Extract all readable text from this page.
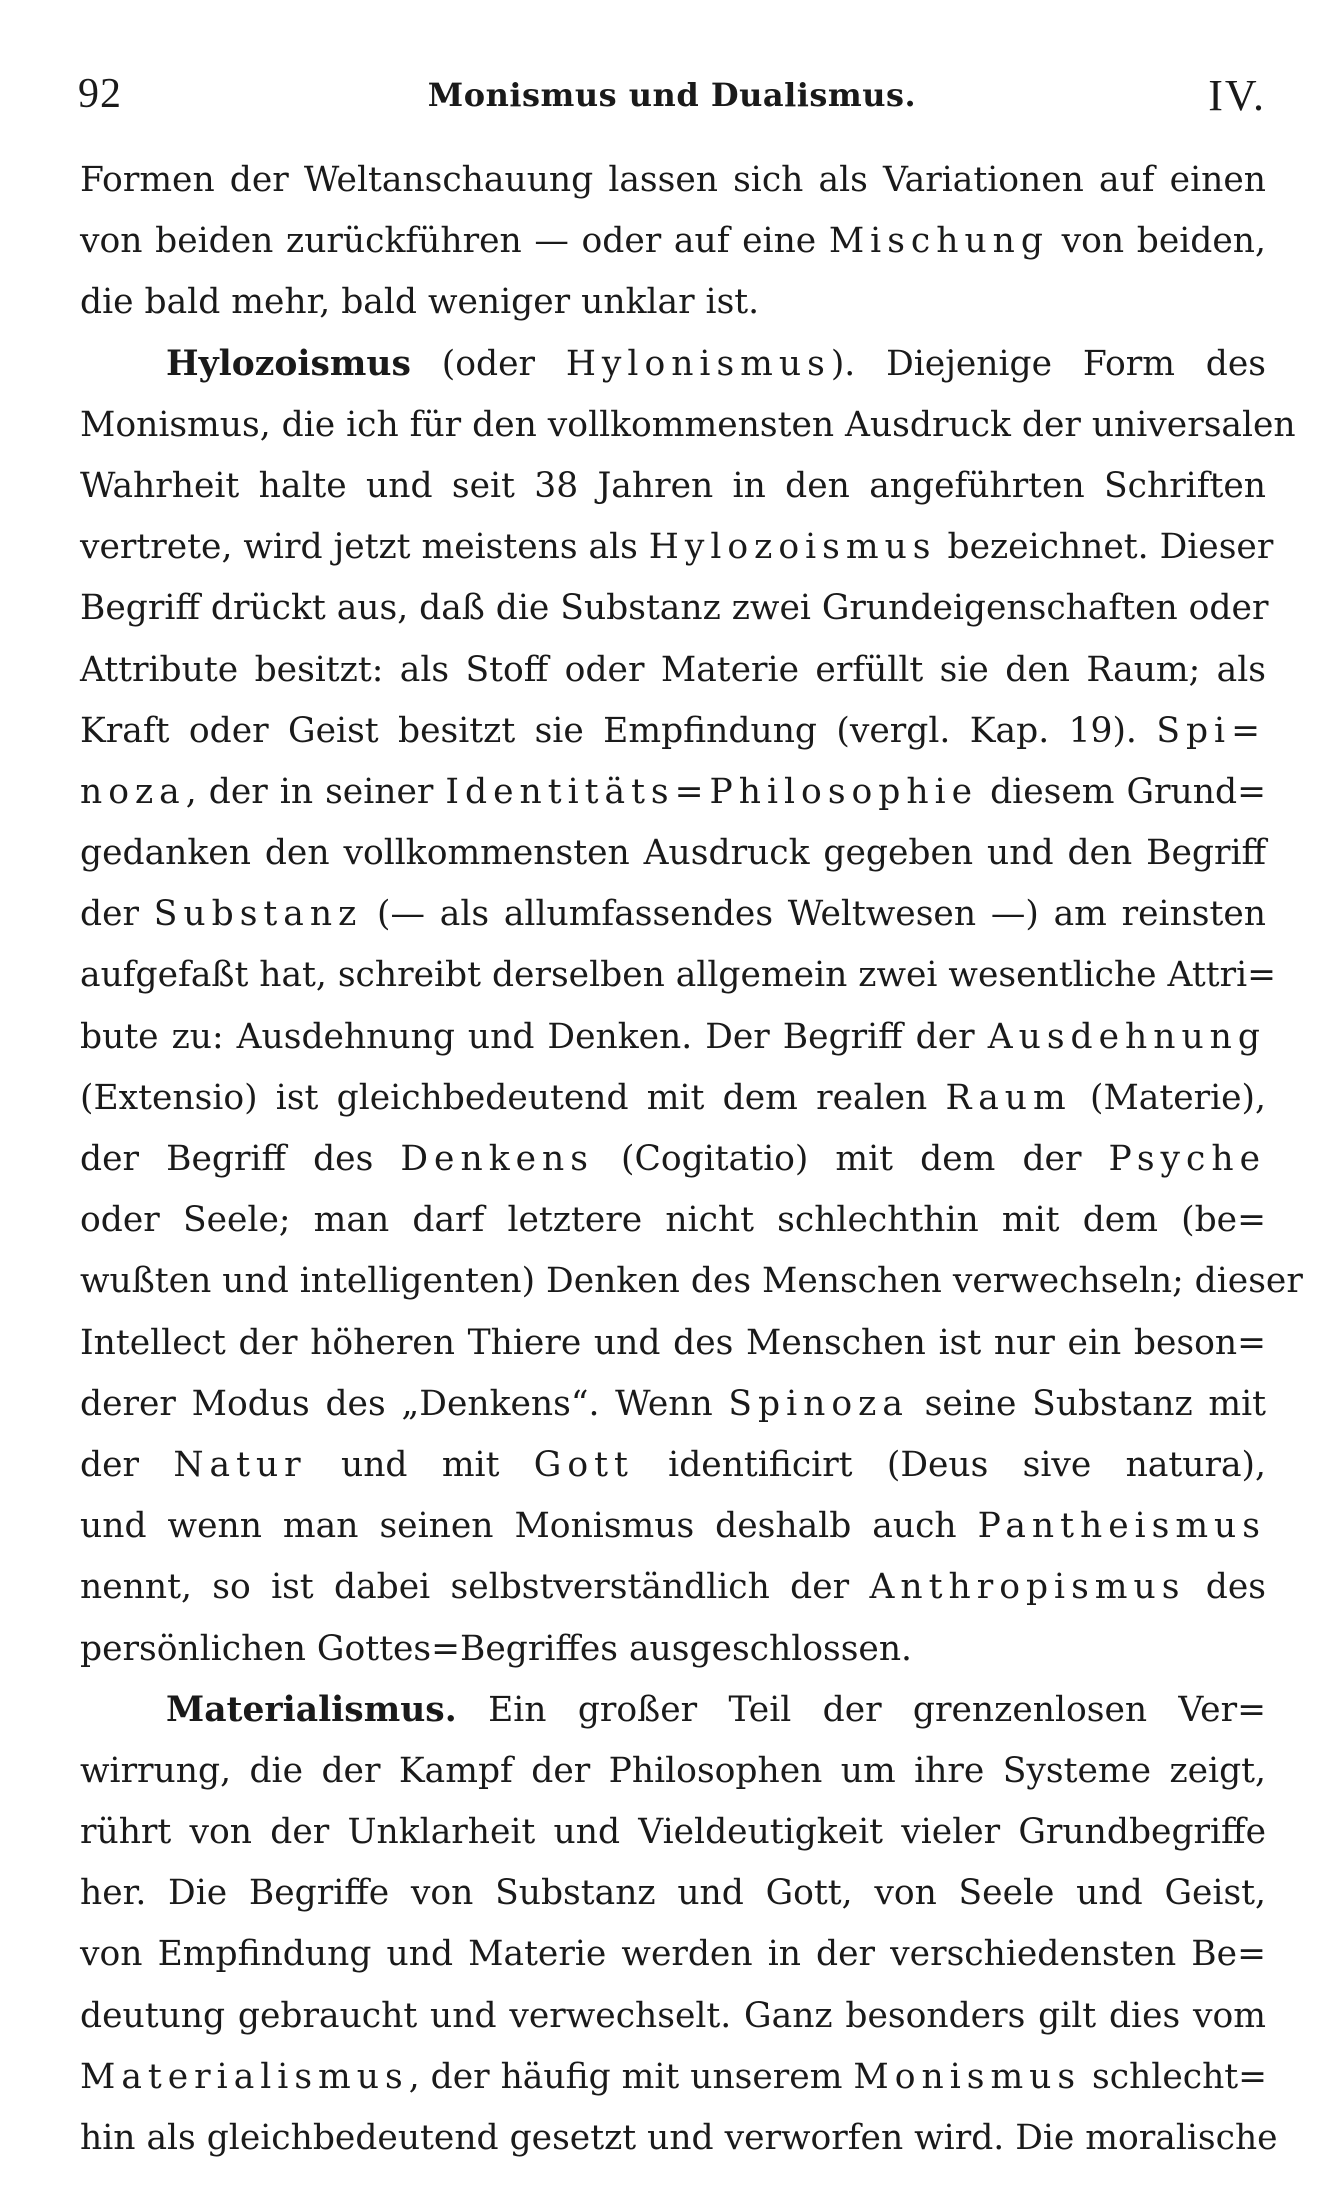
92	Monismus und Dualismus.	IV.
Formen der Weltanschauung lassen sich als Variationen auf einen
von beiden zurückführen — oder auf eine Mischung von beiden,
die bald mehr, bald weniger unklar ist.
Hylozoismus (oder Hylonismus). Diejenige Form des
Monismus, die ich für den vollkommensten Ausdruck der universalen
Wahrheit halte und seit 38 Jahren in den angeführten Schriften
vertrete, wird jetzt meistens als Hylozoismus bezeichnet. Dieser
Begriff drückt aus, daß die Substanz zwei Grundeigenschaften oder
Attribute besitzt: als Stoff oder Materie erfüllt sie den Raum; als
Kraft oder Geist besitzt sie Empfindung (vergl. Kap. 19). Spi=
noza, der in seiner Identitäts=Philosophie diesem Grund=
gedanken den vollkommensten Ausdruck gegeben und den Begriff
der Substanz (— als allumfassendes Weltwesen —) am reinsten
aufgefaßt hat, schreibt derselben allgemein zwei wesentliche Attri=
bute zu: Ausdehnung und Denken. Der Begriff der Ausdehnung
(Extensio) ist gleichbedeutend mit dem realen Raum (Materie),
der Begriff des Denkens (Cogitatio) mit dem der Psyche
oder Seele; man darf letztere nicht schlechthin mit dem (be=
wußten und intelligenten) Denken des Menschen verwechseln; dieser
Intellect der höheren Thiere und des Menschen ist nur ein beson=
derer Modus des „Denkens“. Wenn Spinoza seine Substanz mit
der Natur und mit Gott identificirt (Deus sive natura),
und wenn man seinen Monismus deshalb auch Pantheismus
nennt, so ist dabei selbstverständlich der Anthropismus des
persönlichen Gottes=Begriffes ausgeschlossen.
Materialismus. Ein großer Teil der grenzenlosen Ver=
wirrung, die der Kampf der Philosophen um ihre Systeme zeigt,
rührt von der Unklarheit und Vieldeutigkeit vieler Grundbegriffe
her. Die Begriffe von Substanz und Gott, von Seele und Geist,
von Empfindung und Materie werden in der verschiedensten Be=
deutung gebraucht und verwechselt. Ganz besonders gilt dies vom
Materialismus, der häufig mit unserem Monismus schlecht=
hin als gleichbedeutend gesetzt und verworfen wird. Die moralische
